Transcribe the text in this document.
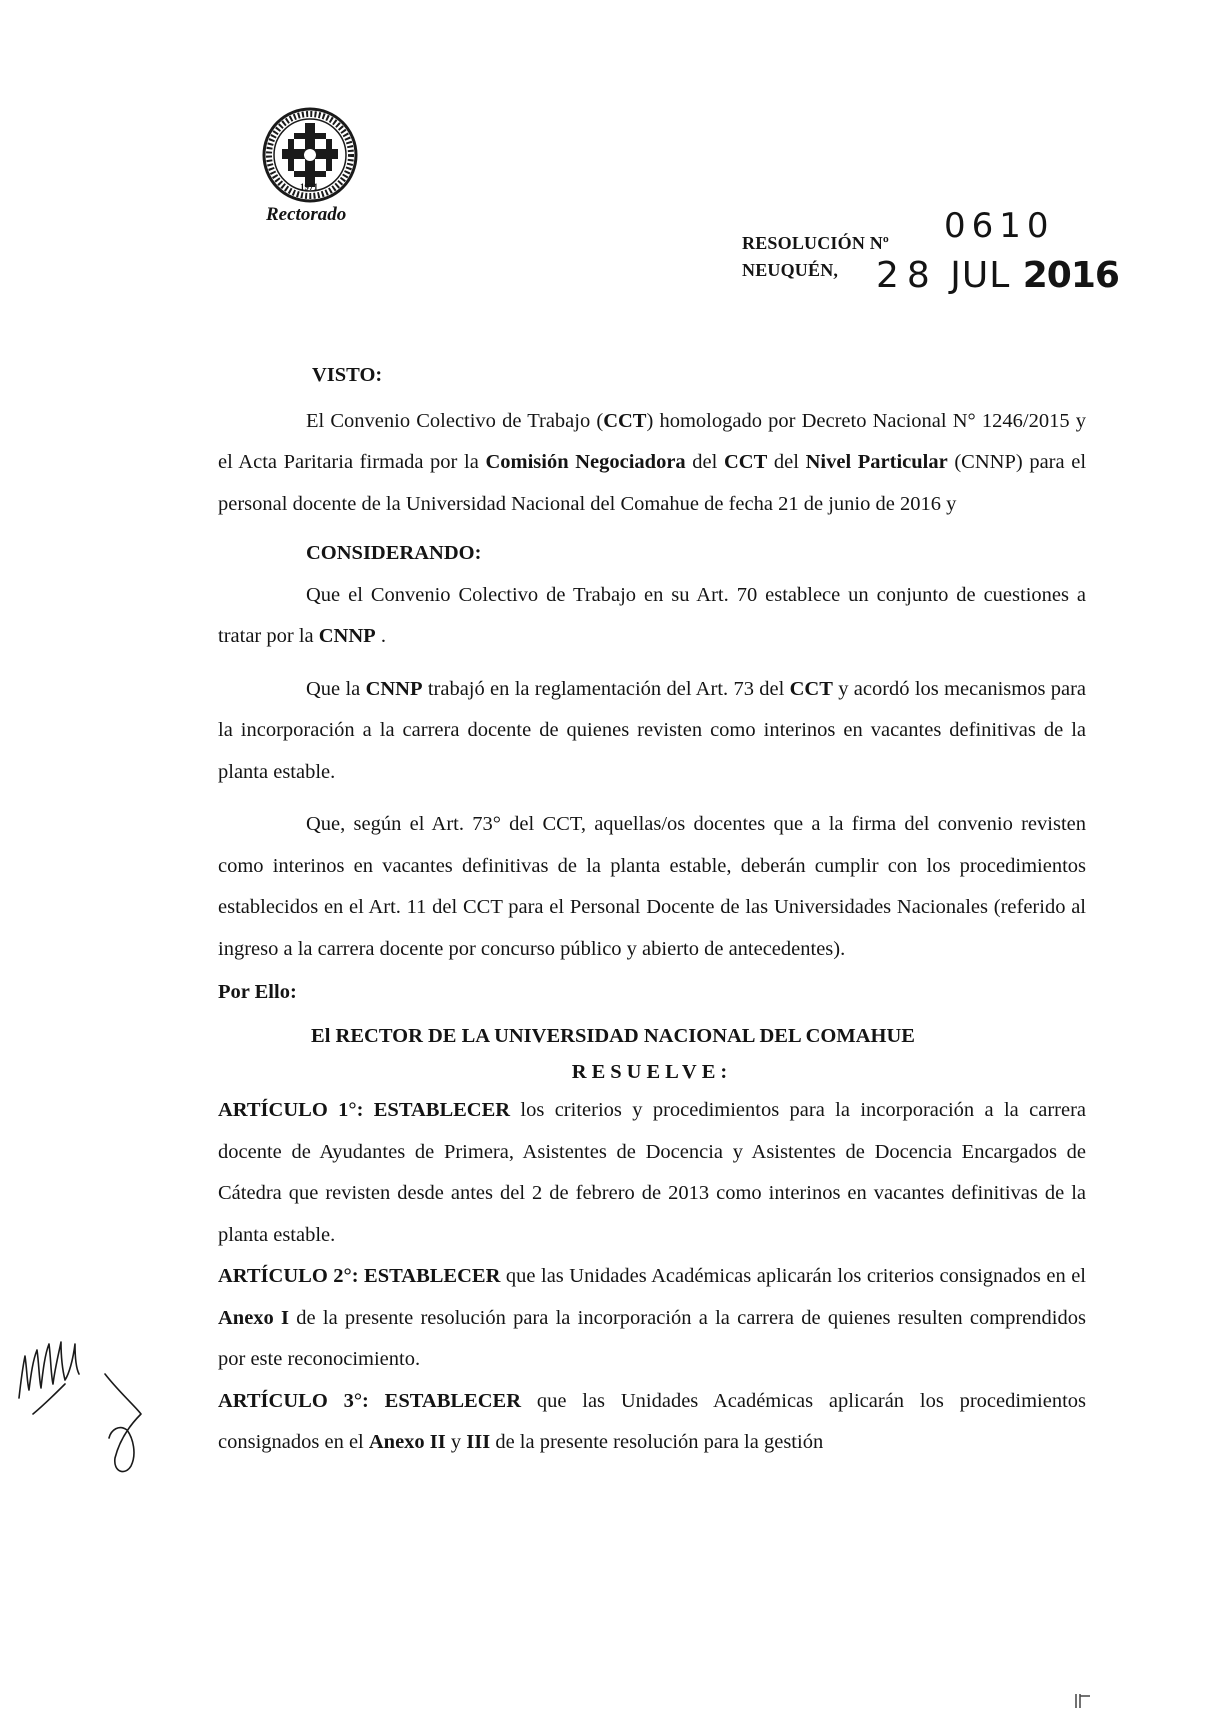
1971
Rectorado
RESOLUCIÓN Nº 0610
NEUQUÉN, 28 JUL 2016
VISTO:

El Convenio Colectivo de Trabajo (CCT) homologado por Decreto Nacional N° 1246/2015 y el Acta Paritaria firmada por la Comisión Negociadora del CCT del Nivel Particular (CNNP) para el personal docente de la Universidad Nacional del Comahue de fecha 21 de junio de 2016 y

CONSIDERANDO:

Que el Convenio Colectivo de Trabajo en su Art. 70 establece un conjunto de cuestiones a tratar por la CNNP .

Que la CNNP trabajó en la reglamentación del Art. 73 del CCT y acordó los mecanismos para la incorporación a la carrera docente de quienes revisten como interinos en vacantes definitivas de la planta estable.

Que, según el Art. 73° del CCT, aquellas/os docentes que a la firma del convenio revisten como interinos en vacantes definitivas de la planta estable, deberán cumplir con los procedimientos establecidos en el Art. 11 del CCT para el Personal Docente de las Universidades Nacionales (referido al ingreso a la carrera docente por concurso público y abierto de antecedentes).

Por Ello:
El RECTOR DE LA UNIVERSIDAD NACIONAL DEL COMAHUE
RESUELVE:

ARTÍCULO 1°: ESTABLECER los criterios y procedimientos para la incorporación a la carrera docente de Ayudantes de Primera, Asistentes de Docencia y Asistentes de Docencia Encargados de Cátedra que revisten desde antes del 2 de febrero de 2013 como interinos en vacantes definitivas de la planta estable.

ARTÍCULO 2°: ESTABLECER que las Unidades Académicas aplicarán los criterios consignados en el Anexo I de la presente resolución para la incorporación a la carrera de quienes resulten comprendidos por este reconocimiento.

ARTÍCULO 3°: ESTABLECER que las Unidades Académicas aplicarán los procedimientos consignados en el Anexo II y III de la presente resolución para la gestión
